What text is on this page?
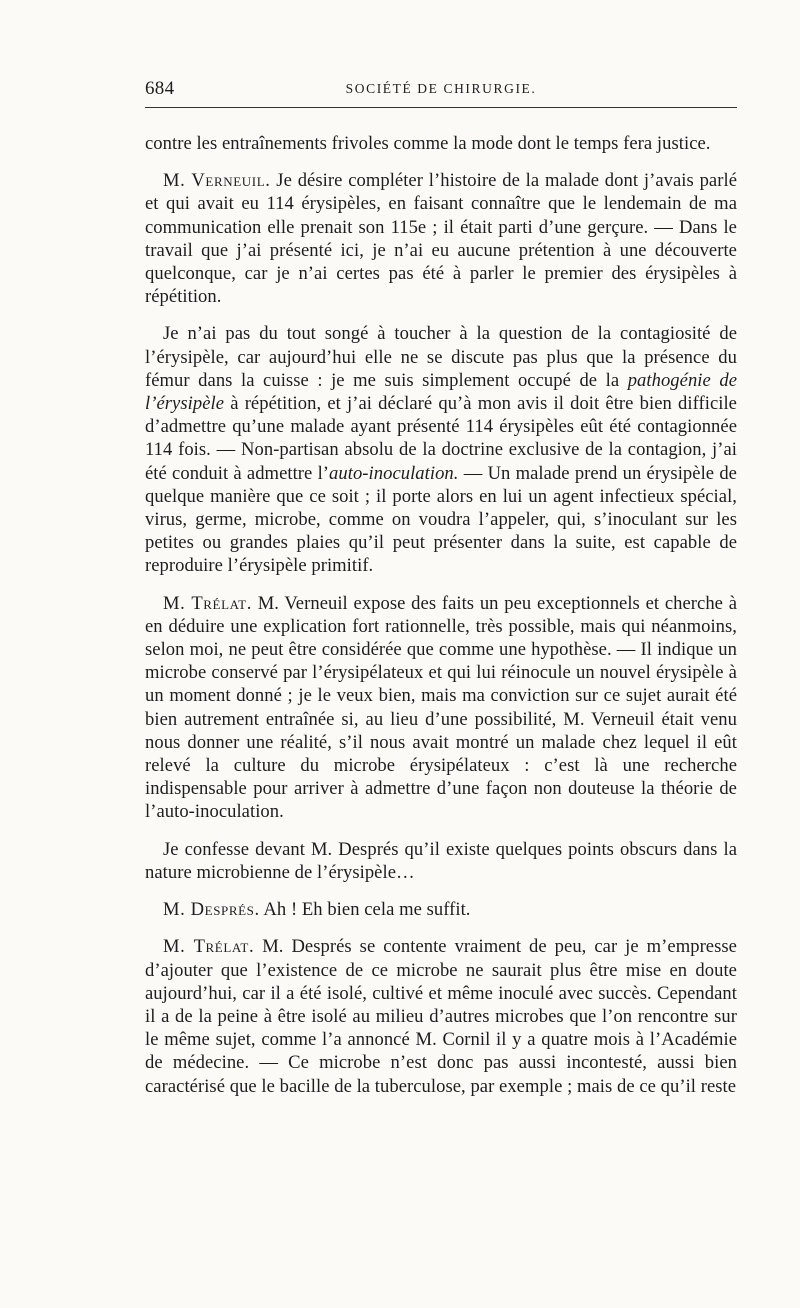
684	SOCIÉTÉ DE CHIRURGIE.

contre les entraînements frivoles comme la mode dont le temps fera justice.

M. Verneuil. Je désire compléter l’histoire de la malade dont j’avais parlé et qui avait eu 114 érysipèles, en faisant connaître que le lendemain de ma communication elle prenait son 115e ; il était parti d’une gerçure. — Dans le travail que j’ai présenté ici, je n’ai eu aucune prétention à une découverte quelconque, car je n’ai certes pas été à parler le premier des érysipèles à répétition.

Je n’ai pas du tout songé à toucher à la question de la contagiosité de l’érysipèle, car aujourd’hui elle ne se discute pas plus que la présence du fémur dans la cuisse : je me suis simplement occupé de la pathogénie de l’érysipèle à répétition, et j’ai déclaré qu’à mon avis il doit être bien difficile d’admettre qu’une malade ayant présenté 114 érysipèles eût été contagionnée 114 fois. — Non-partisan absolu de la doctrine exclusive de la contagion, j’ai été conduit à admettre l’auto-inoculation. — Un malade prend un érysipèle de quelque manière que ce soit ; il porte alors en lui un agent infectieux spécial, virus, germe, microbe, comme on voudra l’appeler, qui, s’inoculant sur les petites ou grandes plaies qu’il peut présenter dans la suite, est capable de reproduire l’érysipèle primitif.

M. Trélat. M. Verneuil expose des faits un peu exceptionnels et cherche à en déduire une explication fort rationnelle, très possible, mais qui néanmoins, selon moi, ne peut être considérée que comme une hypothèse. — Il indique un microbe conservé par l’érysipélateux et qui lui réinocule un nouvel érysipèle à un moment donné ; je le veux bien, mais ma conviction sur ce sujet aurait été bien autrement entraînée si, au lieu d’une possibilité, M. Verneuil était venu nous donner une réalité, s’il nous avait montré un malade chez lequel il eût relevé la culture du microbe érysipélateux : c’est là une recherche indispensable pour arriver à admettre d’une façon non douteuse la théorie de l’auto-inoculation.

Je confesse devant M. Després qu’il existe quelques points obscurs dans la nature microbienne de l’érysipèle…

M. Després. Ah ! Eh bien cela me suffit.

M. Trélat. M. Després se contente vraiment de peu, car je m’empresse d’ajouter que l’existence de ce microbe ne saurait plus être mise en doute aujourd’hui, car il a été isolé, cultivé et même inoculé avec succès. Cependant il a de la peine à être isolé au milieu d’autres microbes que l’on rencontre sur le même sujet, comme l’a annoncé M. Cornil il y a quatre mois à l’Académie de médecine. — Ce microbe n’est donc pas aussi incontesté, aussi bien caractérisé que le bacille de la tuberculose, par exemple ; mais de ce qu’il reste
